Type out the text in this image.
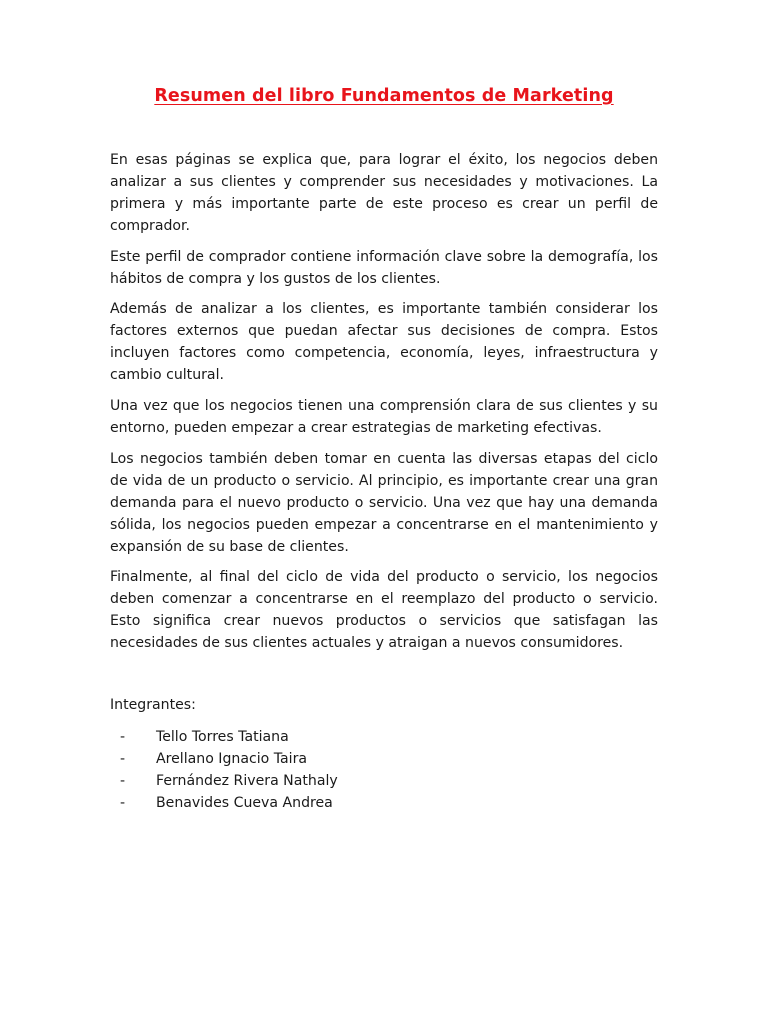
Resumen del libro Fundamentos de Marketing

En esas páginas se explica que, para lograr el éxito, los negocios deben analizar a sus clientes y comprender sus necesidades y motivaciones. La primera y más importante parte de este proceso es crear un perfil de comprador.

Este perfil de comprador contiene información clave sobre la demografía, los hábitos de compra y los gustos de los clientes.

Además de analizar a los clientes, es importante también considerar los factores externos que puedan afectar sus decisiones de compra. Estos incluyen factores como competencia, economía, leyes, infraestructura y cambio cultural.

Una vez que los negocios tienen una comprensión clara de sus clientes y su entorno, pueden empezar a crear estrategias de marketing efectivas.

Los negocios también deben tomar en cuenta las diversas etapas del ciclo de vida de un producto o servicio. Al principio, es importante crear una gran demanda para el nuevo producto o servicio. Una vez que hay una demanda sólida, los negocios pueden empezar a concentrarse en el mantenimiento y expansión de su base de clientes.

Finalmente, al final del ciclo de vida del producto o servicio, los negocios deben comenzar a concentrarse en el reemplazo del producto o servicio. Esto significa crear nuevos productos o servicios que satisfagan las necesidades de sus clientes actuales y atraigan a nuevos consumidores.

Integrantes:
-	Tello Torres Tatiana
-	Arellano Ignacio Taira
-	Fernández Rivera Nathaly
-	Benavides Cueva Andrea
